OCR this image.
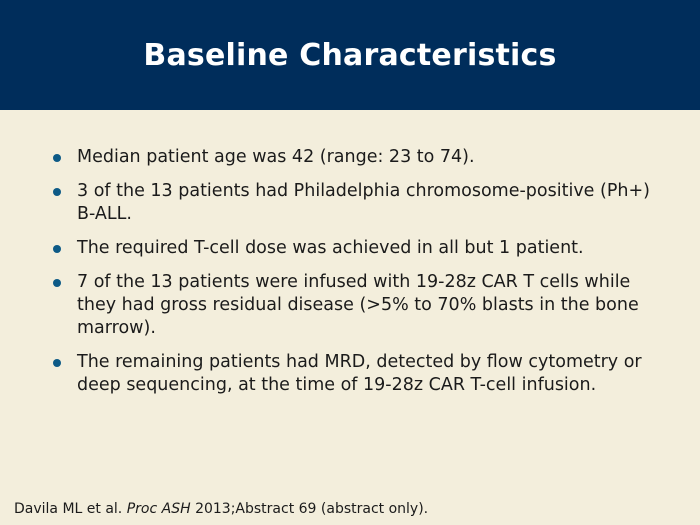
Baseline Characteristics
Median patient age was 42 (range: 23 to 74).
3 of the 13 patients had Philadelphia chromosome-positive (Ph+) B-ALL.
The required T-cell dose was achieved in all but 1 patient.
7 of the 13 patients were infused with 19-28z CAR T cells while they had gross residual disease (>5% to 70% blasts in the bone marrow).
The remaining patients had MRD, detected by flow cytometry or deep sequencing, at the time of 19-28z CAR T-cell infusion.
Davila ML et al. Proc ASH 2013;Abstract 69 (abstract only).
